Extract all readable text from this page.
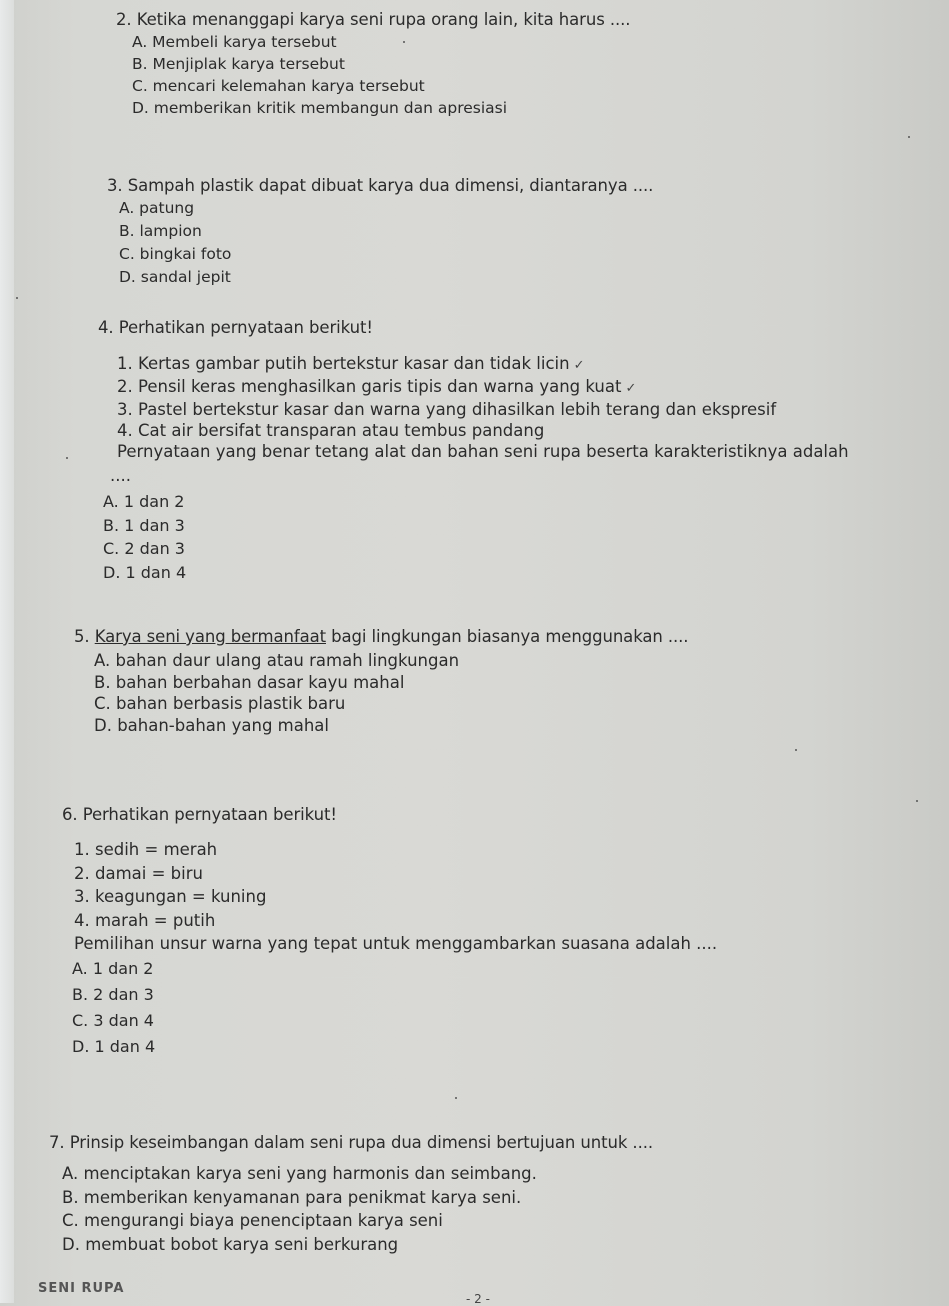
2. Ketika menanggapi karya seni rupa orang lain, kita harus ....
A. Membeli karya tersebut
B. Menjiplak karya tersebut
C. mencari kelemahan karya tersebut
D. memberikan kritik membangun dan apresiasi
3. Sampah plastik dapat dibuat karya dua dimensi, diantaranya ....
A. patung
B. lampion
C. bingkai foto
D. sandal jepit
4. Perhatikan pernyataan berikut!
1. Kertas gambar putih bertekstur kasar dan tidak licin ✓
2. Pensil keras menghasilkan garis tipis dan warna yang kuat ✓
3. Pastel bertekstur kasar dan warna yang dihasilkan lebih terang dan ekspresif
4. Cat air bersifat transparan atau tembus pandang
Pernyataan yang benar tetang alat dan bahan seni rupa beserta karakteristiknya adalah
....
A. 1 dan 2
B. 1 dan 3
C. 2 dan 3
D. 1 dan 4
5. Karya seni yang bermanfaat bagi lingkungan biasanya menggunakan ....
A. bahan daur ulang atau ramah lingkungan
B. bahan berbahan dasar kayu mahal
C. bahan berbasis plastik baru
D. bahan-bahan yang mahal
6. Perhatikan pernyataan berikut!
1. sedih = merah
2. damai = biru
3. keagungan = kuning
4. marah = putih
Pemilihan unsur warna yang tepat untuk menggambarkan suasana adalah ....
A. 1 dan 2
B. 2 dan 3
C. 3 dan 4
D. 1 dan 4
7. Prinsip keseimbangan dalam seni rupa dua dimensi bertujuan untuk ....
A. menciptakan karya seni yang harmonis dan seimbang.
B. memberikan kenyamanan para penikmat karya seni.
C. mengurangi biaya penenciptaan karya seni
D. membuat bobot karya seni berkurang
SENI RUPA
- 2 -
